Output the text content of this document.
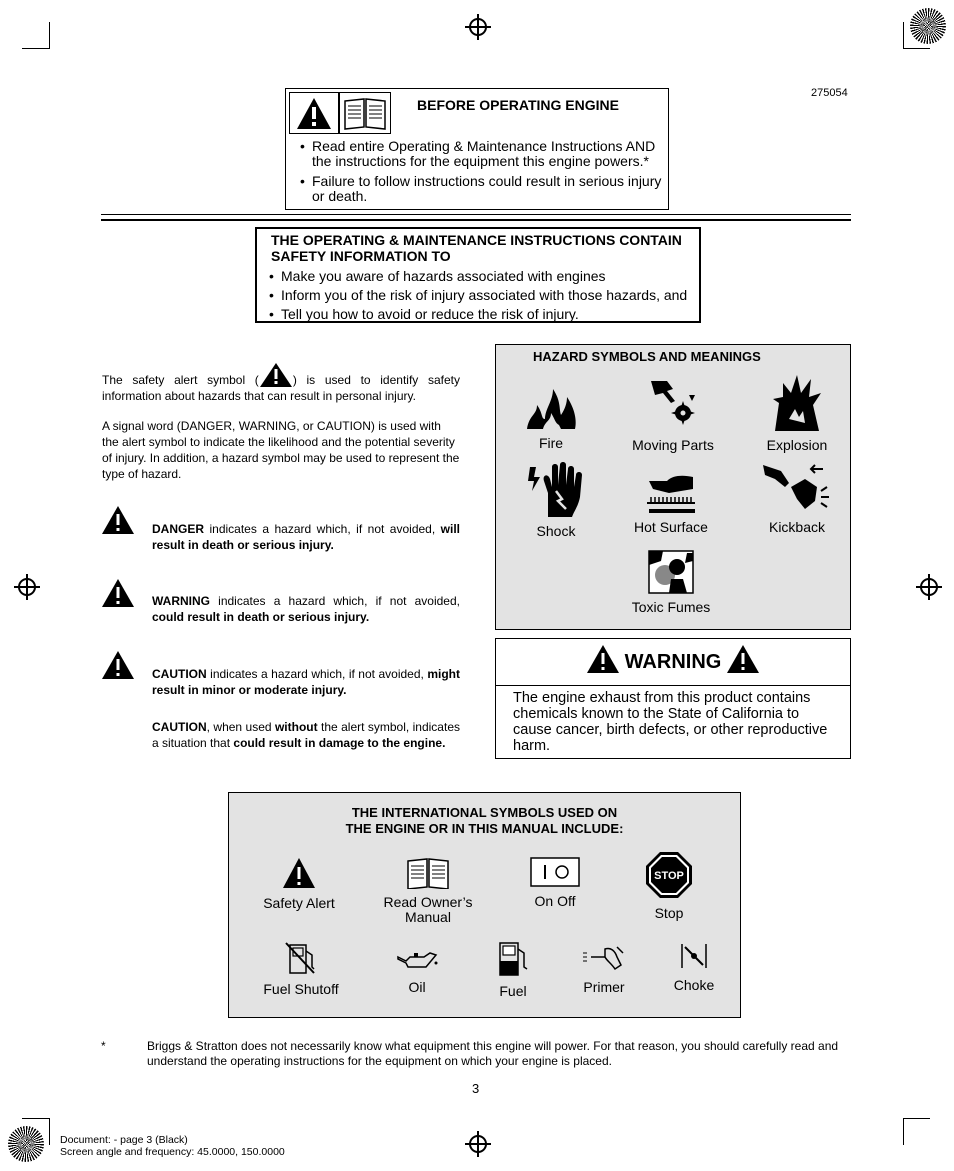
275054
BEFORE OPERATING ENGINE
• Read entire Operating & Maintenance Instructions AND the instructions for the equipment this engine powers.*
• Failure to follow instructions could result in serious injury or death.
THE OPERATING & MAINTENANCE INSTRUCTIONS CONTAIN SAFETY INFORMATION TO
• Make you aware of hazards associated with engines
• Inform you of the risk of injury associated with those hazards, and
• Tell you how to avoid or reduce the risk of injury.
The safety alert symbol (	) is used to identify safety information about hazards that can result in personal injury.
A signal word (DANGER, WARNING, or CAUTION) is used with the alert symbol to indicate the likelihood and the potential severity of injury. In addition, a hazard symbol may be used to represent the type of hazard.
DANGER indicates a hazard which, if not avoided, will result in death or serious injury.
WARNING indicates a hazard which, if not avoided, could result in death or serious injury.
CAUTION indicates a hazard which, if not avoided, might result in minor or moderate injury.
CAUTION, when used without the alert symbol, indicates a situation that could result in damage to the engine.
HAZARD SYMBOLS AND MEANINGS
Fire	Moving Parts	Explosion
Shock	Hot Surface	Kickback
Toxic Fumes
WARNING
The engine exhaust from this product contains chemicals known to the State of California to cause cancer, birth defects, or other reproductive harm.
THE INTERNATIONAL SYMBOLS USED ON
THE ENGINE OR IN THIS MANUAL INCLUDE:
Safety Alert	Read Owner’s Manual
On Off
STOP
Stop
Fuel Shutoff	Oil	Fuel	Primer	Choke
*	Briggs & Stratton does not necessarily know what equipment this engine will power. For that reason, you should carefully read and understand the operating instructions for the equipment on which your engine is placed.
3
Document: - page 3 (Black)
Screen angle and frequency: 45.0000, 150.0000
